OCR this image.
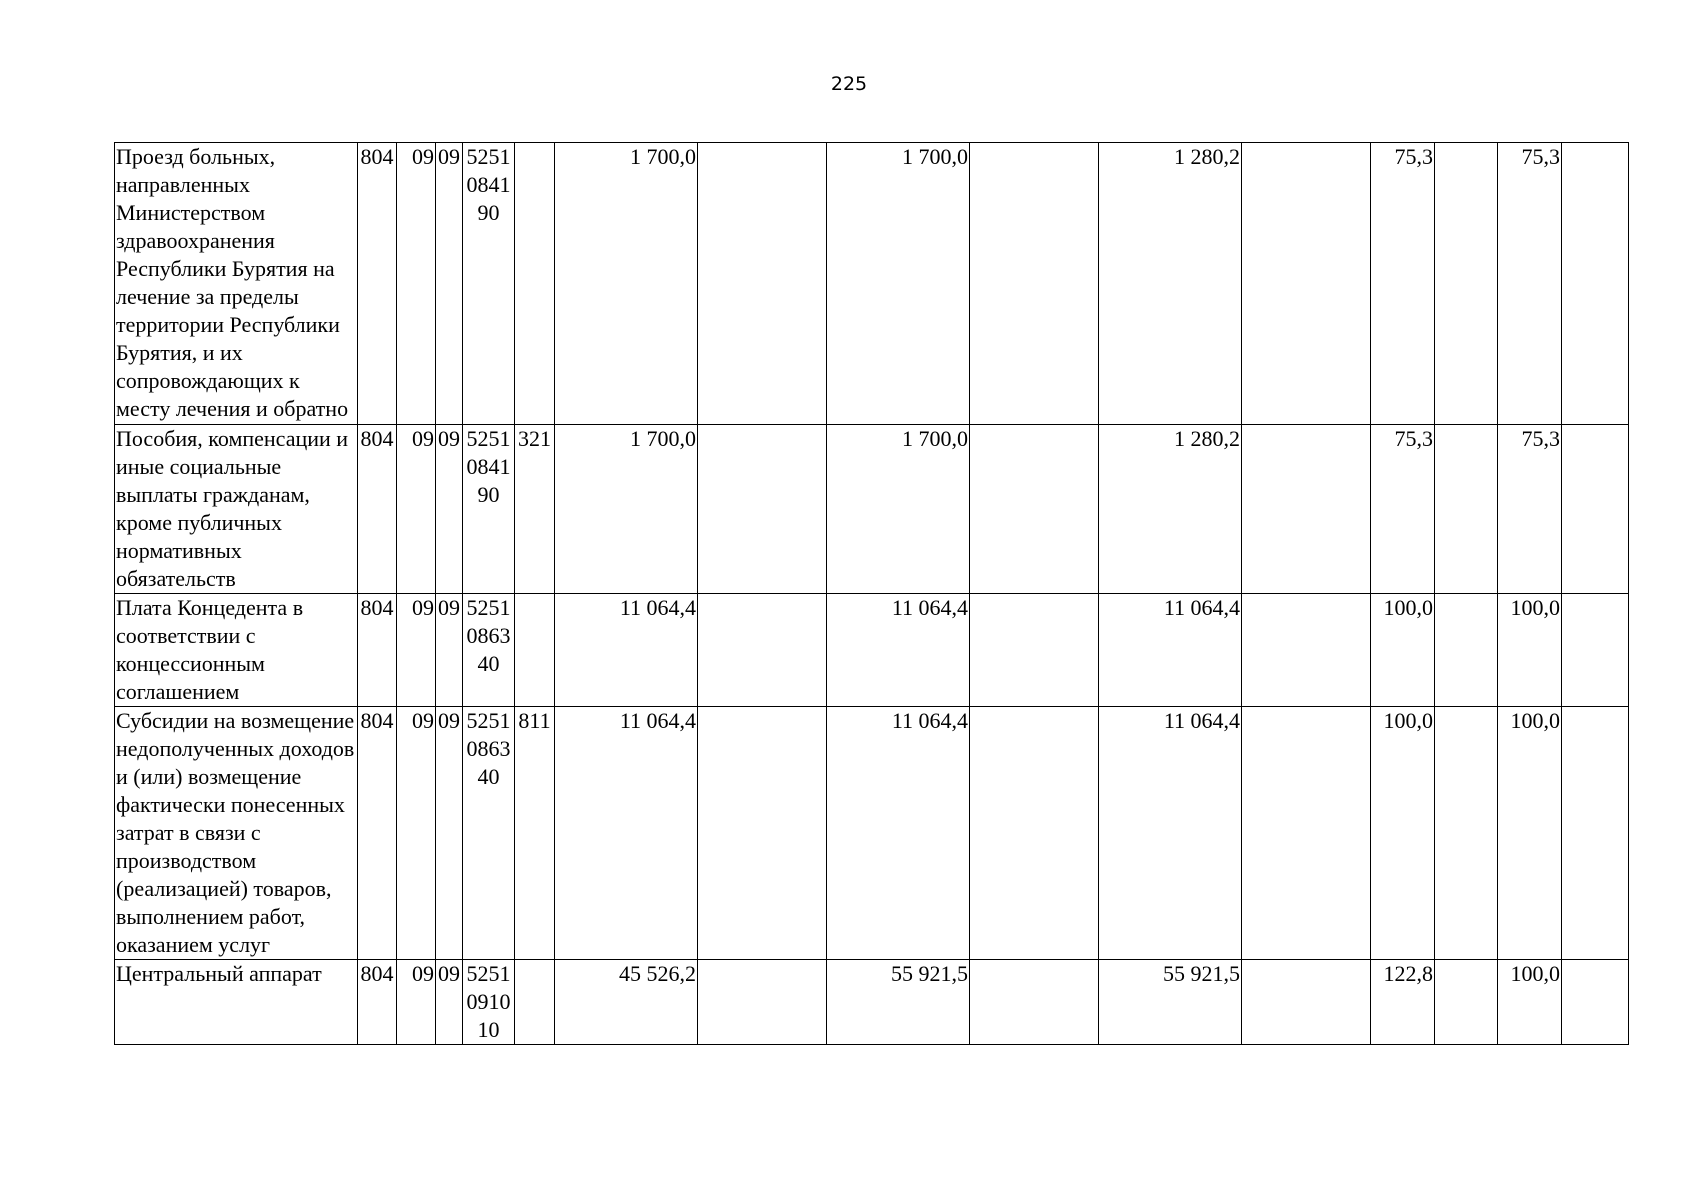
225
Проезд больных, направленных Министерством здравоохранения Республики Бурятия на лечение за пределы территории Республики Бурятия, и их сопровождающих к месту лечения и обратно	804	09	09	5251084190		1 700,0		1 700,0		1 280,2		75,3		75,3	
Пособия, компенсации и иные социальные выплаты гражданам, кроме публичных нормативных обязательств	804	09	09	5251084190	321	1 700,0		1 700,0		1 280,2		75,3		75,3	
Плата Концедента в соответствии с концессионным соглашением	804	09	09	5251086340		11 064,4		11 064,4		11 064,4		100,0		100,0	
Субсидии на возмещение недополученных доходов и (или) возмещение фактически понесенных затрат в связи с производством (реализацией) товаров, выполнением работ, оказанием услуг	804	09	09	5251086340	811	11 064,4		11 064,4		11 064,4		100,0		100,0	
Центральный аппарат	804	09	09	5251091010		45 526,2		55 921,5		55 921,5		122,8		100,0	
